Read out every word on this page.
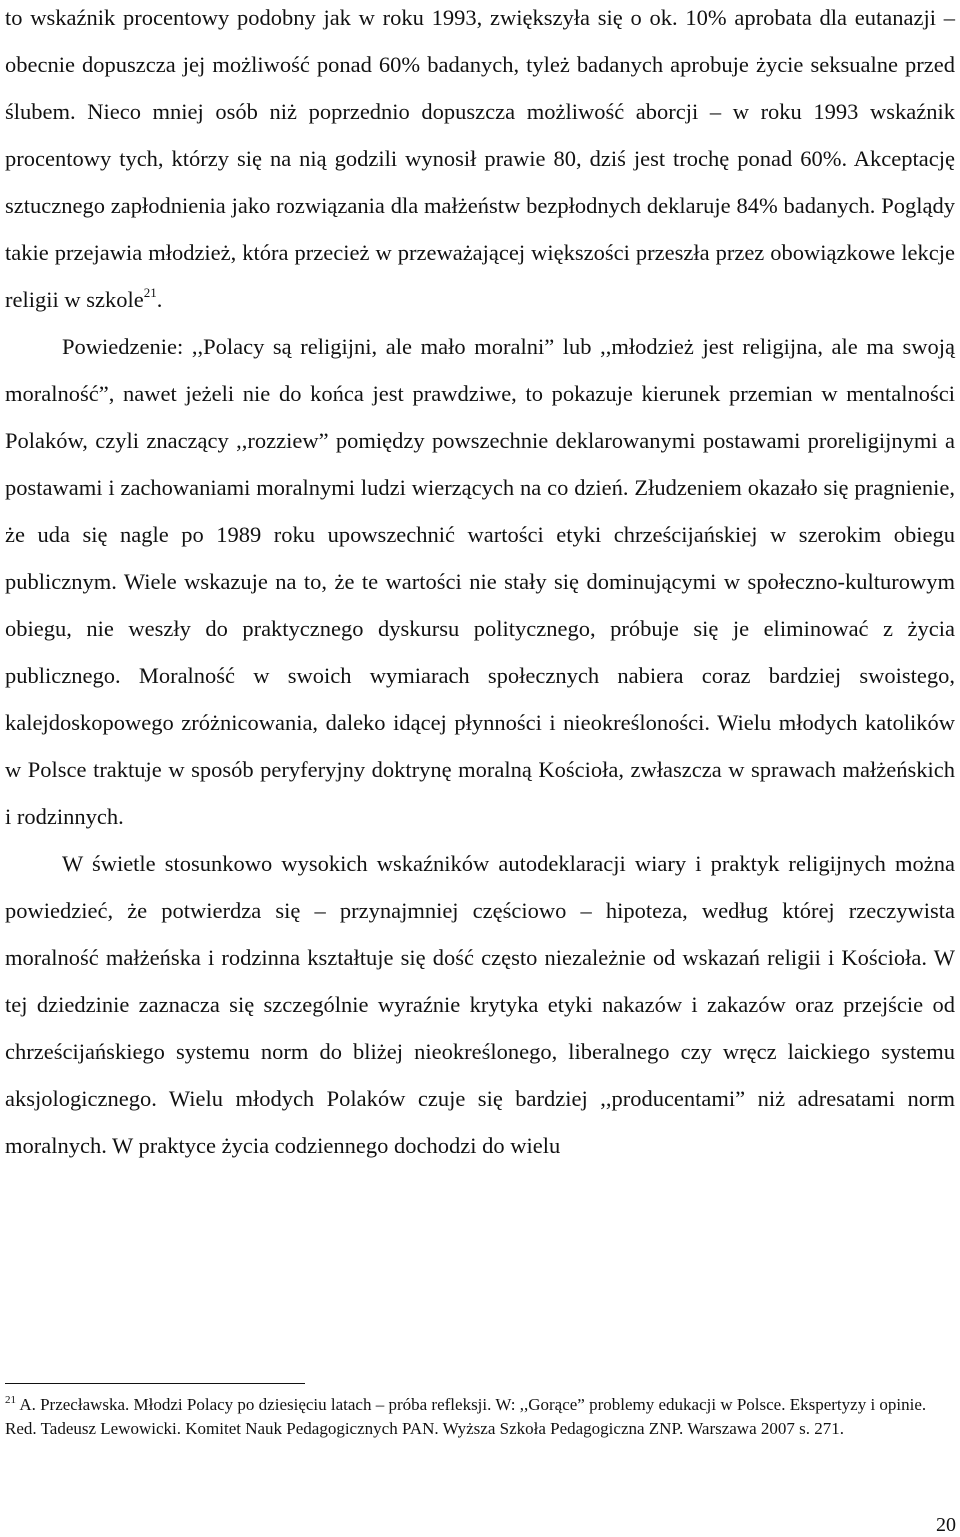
to wskaźnik procentowy podobny jak w roku 1993, zwiększyła się o ok. 10% aprobata dla eutanazji – obecnie dopuszcza jej możliwość ponad 60% badanych, tyleż badanych aprobuje życie seksualne przed ślubem. Nieco mniej osób niż poprzednio dopuszcza możliwość aborcji – w roku 1993 wskaźnik procentowy tych, którzy się na nią godzili wynosił prawie 80, dziś jest trochę ponad 60%. Akceptację sztucznego zapłodnienia jako rozwiązania dla małżeństw bezpłodnych deklaruje 84% badanych. Poglądy takie przejawia młodzież, która przecież w przeważającej większości przeszła przez obowiązkowe lekcje religii w szkole$^{21}$.

Powiedzenie: ,,Polacy są religijni, ale mało moralni” lub ,,młodzież jest religijna, ale ma swoją moralność”, nawet jeżeli nie do końca jest prawdziwe, to pokazuje kierunek przemian w mentalności Polaków, czyli znaczący ,,rozziew” pomiędzy powszechnie deklarowanymi postawami proreligijnymi a postawami i zachowaniami moralnymi ludzi wierzących na co dzień. Złudzeniem okazało się pragnienie, że uda się nagle po 1989 roku upowszechnić wartości etyki chrześcijańskiej w szerokim obiegu publicznym. Wiele wskazuje na to, że te wartości nie stały się dominującymi w społeczno-kulturowym obiegu, nie weszły do praktycznego dyskursu politycznego, próbuje się je eliminować z życia publicznego. Moralność w swoich wymiarach społecznych nabiera coraz bardziej swoistego, kalejdoskopowego zróżnicowania, daleko idącej płynności i nieokreśloności. Wielu młodych katolików w Polsce traktuje w sposób peryferyjny doktrynę moralną Kościoła, zwłaszcza w sprawach małżeńskich i rodzinnych.

W świetle stosunkowo wysokich wskaźników autodeklaracji wiary i praktyk religijnych można powiedzieć, że potwierdza się – przynajmniej częściowo – hipoteza, według której rzeczywista moralność małżeńska i rodzinna kształtuje się dość często niezależnie od wskazań religii i Kościoła. W tej dziedzinie zaznacza się szczególnie wyraźnie krytyka etyki nakazów i zakazów oraz przejście od chrześcijańskiego systemu norm do bliżej nieokreślonego, liberalnego czy wręcz laickiego systemu aksjologicznego. Wielu młodych Polaków czuje się bardziej ,,producentami” niż adresatami norm moralnych. W praktyce życia codziennego dochodzi do wielu

$^{21}$ A. Przecławska. Młodzi Polacy po dziesięciu latach – próba refleksji. W: ,,Gorące” problemy edukacji w Polsce. Ekspertyzy i opinie. Red. Tadeusz Lewowicki. Komitet Nauk Pedagogicznych PAN. Wyższa Szkoła Pedagogiczna ZNP. Warszawa 2007 s. 271.

20
